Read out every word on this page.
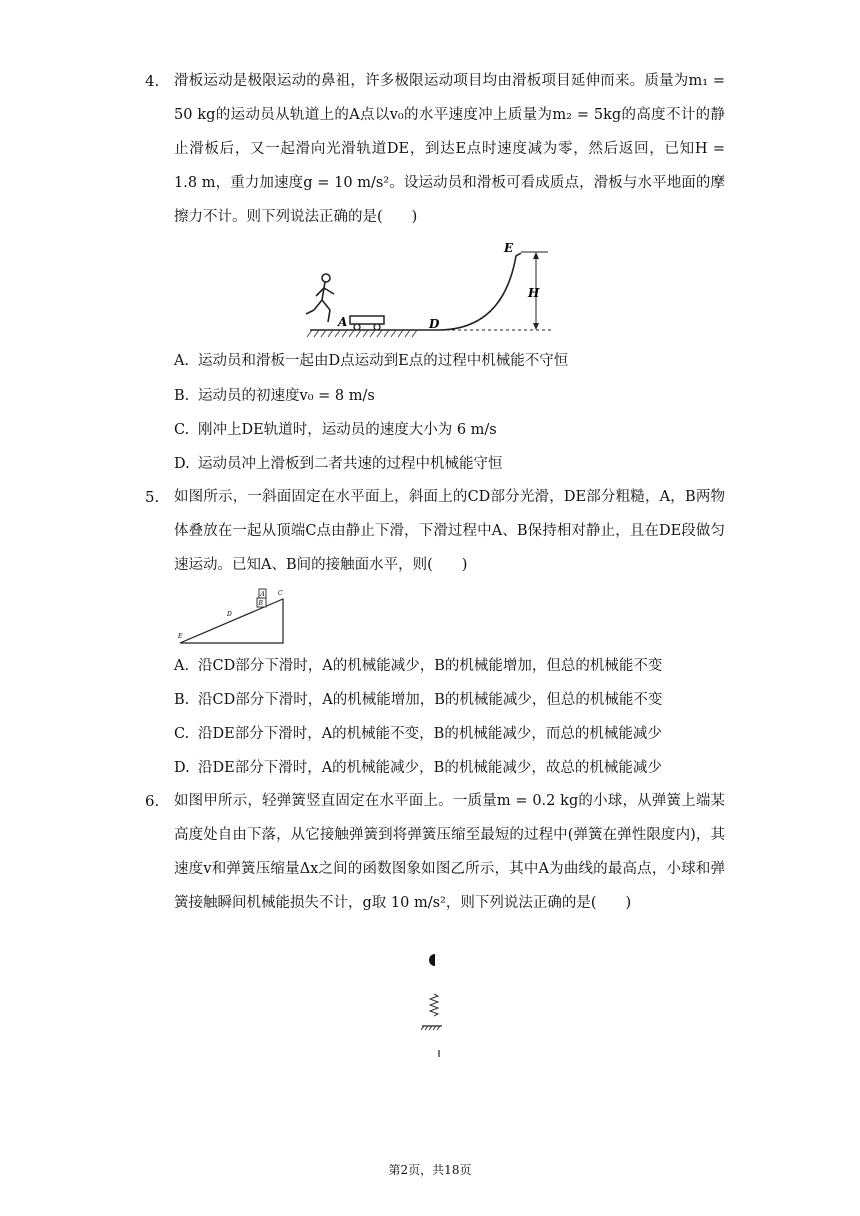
4. 滑板运动是极限运动的鼻祖，许多极限运动项目均由滑板项目延伸而来。质量为m₁ = 50 kg的运动员从轨道上的A点以v₀的水平速度冲上质量为m₂ = 5kg的高度不计的静止滑板后，又一起滑向光滑轨道DE，到达E点时速度减为零，然后返回，已知H = 1.8 m，重力加速度g = 10 m/s²。设运动员和滑板可看成质点，滑板与水平地面的摩擦力不计。则下列说法正确的是(　　)
A	D
E
H
A. 运动员和滑板一起由D点运动到E点的过程中机械能不守恒
B. 运动员的初速度v₀ = 8 m/s
C. 刚冲上DE轨道时，运动员的速度大小为 6 m/s
D. 运动员冲上滑板到二者共速的过程中机械能守恒
5. 如图所示，一斜面固定在水平面上，斜面上的CD部分光滑，DE部分粗糙，A，B两物体叠放在一起从顶端C点由静止下滑，下滑过程中A、B保持相对静止，且在DE段做匀速运动。已知A、B间的接触面水平，则(　　)
A
B
C
D
E
A. 沿CD部分下滑时，A的机械能减少，B的机械能增加，但总的机械能不变
B. 沿CD部分下滑时，A的机械能增加，B的机械能减少，但总的机械能不变
C. 沿DE部分下滑时，A的机械能不变，B的机械能减少，而总的机械能减少
D. 沿DE部分下滑时，A的机械能减少，B的机械能减少，故总的机械能减少
6. 如图甲所示，轻弹簧竖直固定在水平面上。一质量m = 0.2 kg的小球，从弹簧上端某高度处自由下落，从它接触弹簧到将弹簧压缩至最短的过程中(弹簧在弹性限度内)，其速度v和弹簧压缩量Δx之间的函数图象如图乙所示，其中A为曲线的最高点，小球和弹簧接触瞬间机械能损失不计，g取 10 m/s²，则下列说法正确的是(　　)
第2页，共18页
